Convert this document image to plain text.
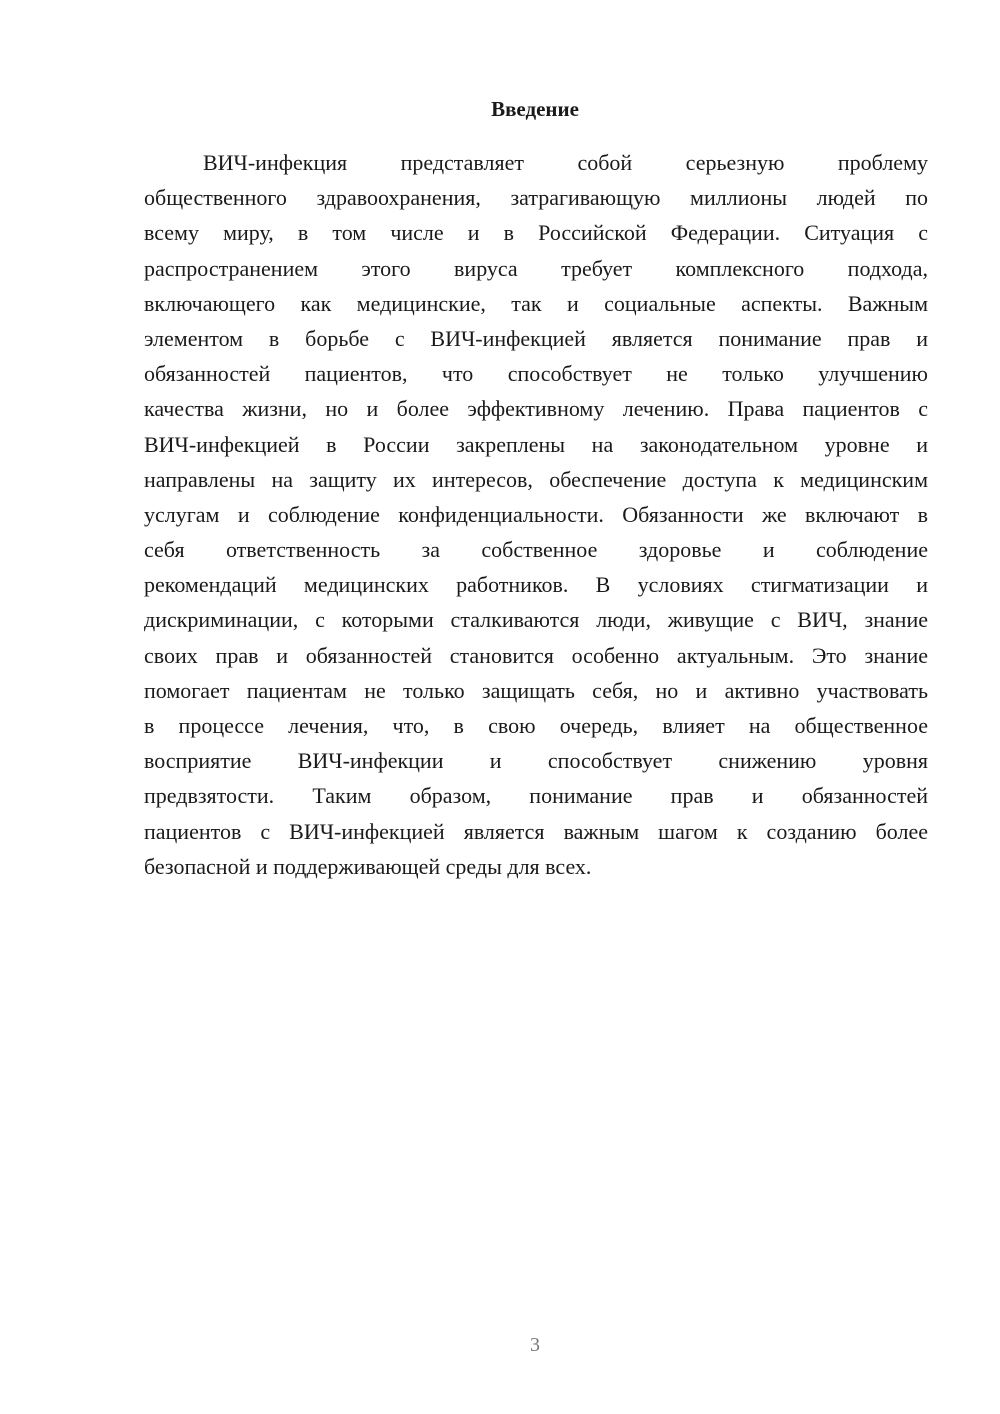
Введение
ВИЧ-инфекция представляет собой серьезную проблему
общественного здравоохранения, затрагивающую миллионы людей по
всему миру, в том числе и в Российской Федерации. Ситуация с
распространением этого вируса требует комплексного подхода,
включающего как медицинские, так и социальные аспекты. Важным
элементом в борьбе с ВИЧ-инфекцией является понимание прав и
обязанностей пациентов, что способствует не только улучшению
качества жизни, но и более эффективному лечению. Права пациентов с
ВИЧ-инфекцией в России закреплены на законодательном уровне и
направлены на защиту их интересов, обеспечение доступа к медицинским
услугам и соблюдение конфиденциальности. Обязанности же включают в
себя ответственность за собственное здоровье и соблюдение
рекомендаций медицинских работников. В условиях стигматизации и
дискриминации, с которыми сталкиваются люди, живущие с ВИЧ, знание
своих прав и обязанностей становится особенно актуальным. Это знание
помогает пациентам не только защищать себя, но и активно участвовать
в процессе лечения, что, в свою очередь, влияет на общественное
восприятие ВИЧ-инфекции и способствует снижению уровня
предвзятости. Таким образом, понимание прав и обязанностей
пациентов с ВИЧ-инфекцией является важным шагом к созданию более
безопасной и поддерживающей среды для всех.
3
